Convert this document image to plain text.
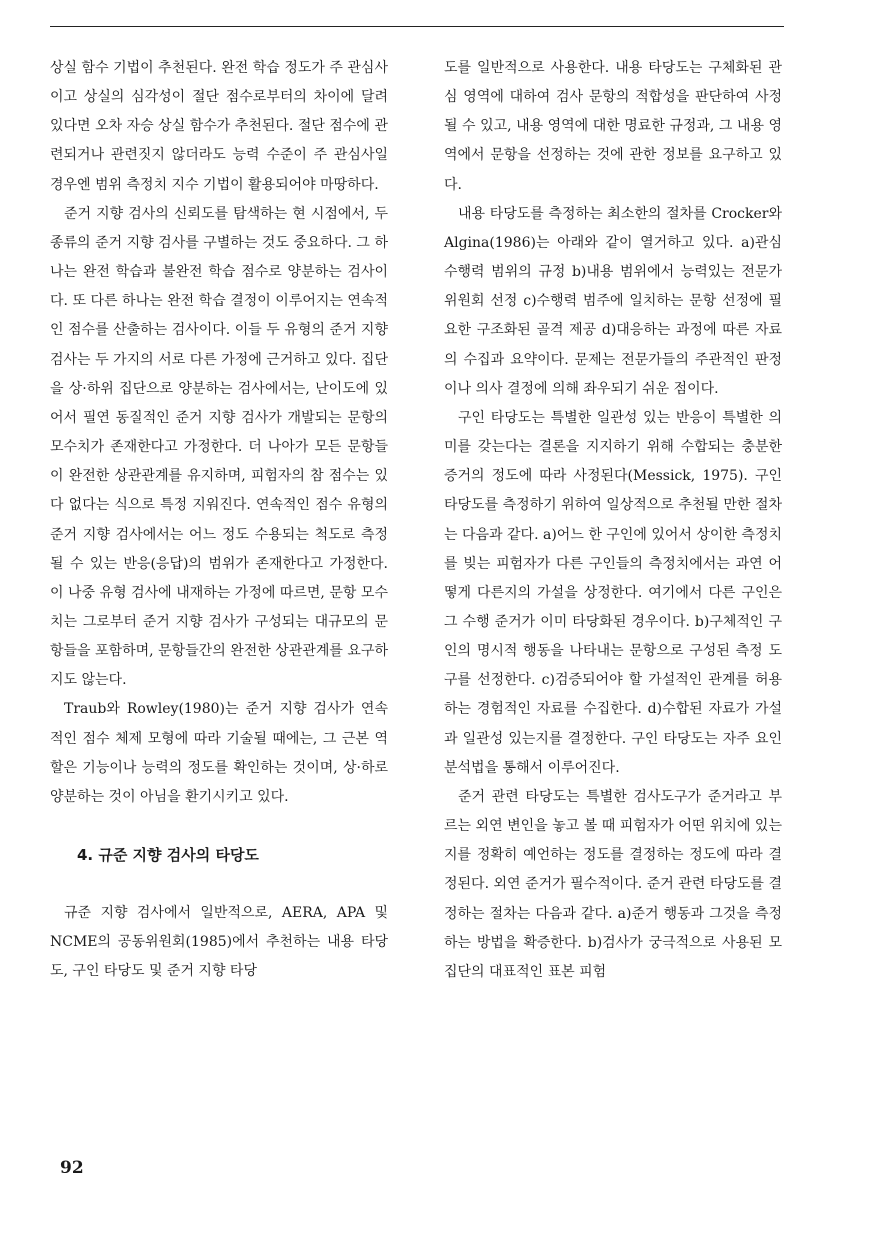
상실 함수 기법이 추천된다. 완전 학습 정도가 주 관심사이고 상실의 심각성이 절단 점수로부터의 차이에 달려 있다면 오차 자승 상실 함수가 추천된다. 절단 점수에 관련되거나 관련짓지 않더라도 능력 수준이 주 관심사일 경우엔 범위 측정치 지수 기법이 활용되어야 마땅하다.

준거 지향 검사의 신뢰도를 탐색하는 현 시점에서, 두 종류의 준거 지향 검사를 구별하는 것도 중요하다. 그 하나는 완전 학습과 불완전 학습 점수로 양분하는 검사이다. 또 다른 하나는 완전 학습 결정이 이루어지는 연속적인 점수를 산출하는 검사이다. 이들 두 유형의 준거 지향 검사는 두 가지의 서로 다른 가정에 근거하고 있다. 집단을 상·하위 집단으로 양분하는 검사에서는, 난이도에 있어서 필연 동질적인 준거 지향 검사가 개발되는 문항의 모수치가 존재한다고 가정한다. 더 나아가 모든 문항들이 완전한 상관관계를 유지하며, 피험자의 참 점수는 있다 없다는 식으로 특정 지워진다. 연속적인 점수 유형의 준거 지향 검사에서는 어느 정도 수용되는 척도로 측정될 수 있는 반응(응답)의 범위가 존재한다고 가정한다. 이 나중 유형 검사에 내재하는 가정에 따르면, 문항 모수치는 그로부터 준거 지향 검사가 구성되는 대규모의 문항들을 포함하며, 문항들간의 완전한 상관관계를 요구하지도 않는다.

Traub와 Rowley(1980)는 준거 지향 검사가 연속적인 점수 체제 모형에 따라 기술될 때에는, 그 근본 역할은 기능이나 능력의 정도를 확인하는 것이며, 상·하로 양분하는 것이 아님을 환기시키고 있다.

4. 규준 지향 검사의 타당도

규준 지향 검사에서 일반적으로, AERA, APA 및 NCME의 공동위원회(1985)에서 추천하는 내용 타당도, 구인 타당도 및 준거 지향 타당

도를 일반적으로 사용한다. 내용 타당도는 구체화된 관심 영역에 대하여 검사 문항의 적합성을 판단하여 사정될 수 있고, 내용 영역에 대한 명료한 규정과, 그 내용 영역에서 문항을 선정하는 것에 관한 정보를 요구하고 있다.

내용 타당도를 측정하는 최소한의 절차를 Crocker와 Algina(1986)는 아래와 같이 열거하고 있다. a)관심 수행력 범위의 규정 b)내용 범위에서 능력있는 전문가 위원회 선정 c)수행력 범주에 일치하는 문항 선정에 필요한 구조화된 골격 제공 d)대응하는 과정에 따른 자료의 수집과 요약이다. 문제는 전문가들의 주관적인 판정이나 의사 결정에 의해 좌우되기 쉬운 점이다.

구인 타당도는 특별한 일관성 있는 반응이 특별한 의미를 갖는다는 결론을 지지하기 위해 수합되는 충분한 증거의 정도에 따라 사정된다(Messick, 1975). 구인 타당도를 측정하기 위하여 일상적으로 추천될 만한 절차는 다음과 같다. a)어느 한 구인에 있어서 상이한 측정치를 빚는 피험자가 다른 구인들의 측정치에서는 과연 어떻게 다른지의 가설을 상정한다. 여기에서 다른 구인은 그 수행 준거가 이미 타당화된 경우이다. b)구체적인 구인의 명시적 행동을 나타내는 문항으로 구성된 측정 도구를 선정한다. c)검증되어야 할 가설적인 관계를 허용하는 경험적인 자료를 수집한다. d)수합된 자료가 가설과 일관성 있는지를 결정한다. 구인 타당도는 자주 요인 분석법을 통해서 이루어진다.

준거 관련 타당도는 특별한 검사도구가 준거라고 부르는 외연 변인을 놓고 볼 때 피험자가 어떤 위치에 있는지를 정확히 예언하는 정도를 결정하는 정도에 따라 결정된다. 외연 준거가 필수적이다. 준거 관련 타당도를 결정하는 절차는 다음과 같다. a)준거 행동과 그것을 측정하는 방법을 확증한다. b)검사가 궁극적으로 사용된 모집단의 대표적인 표본 피험

92
